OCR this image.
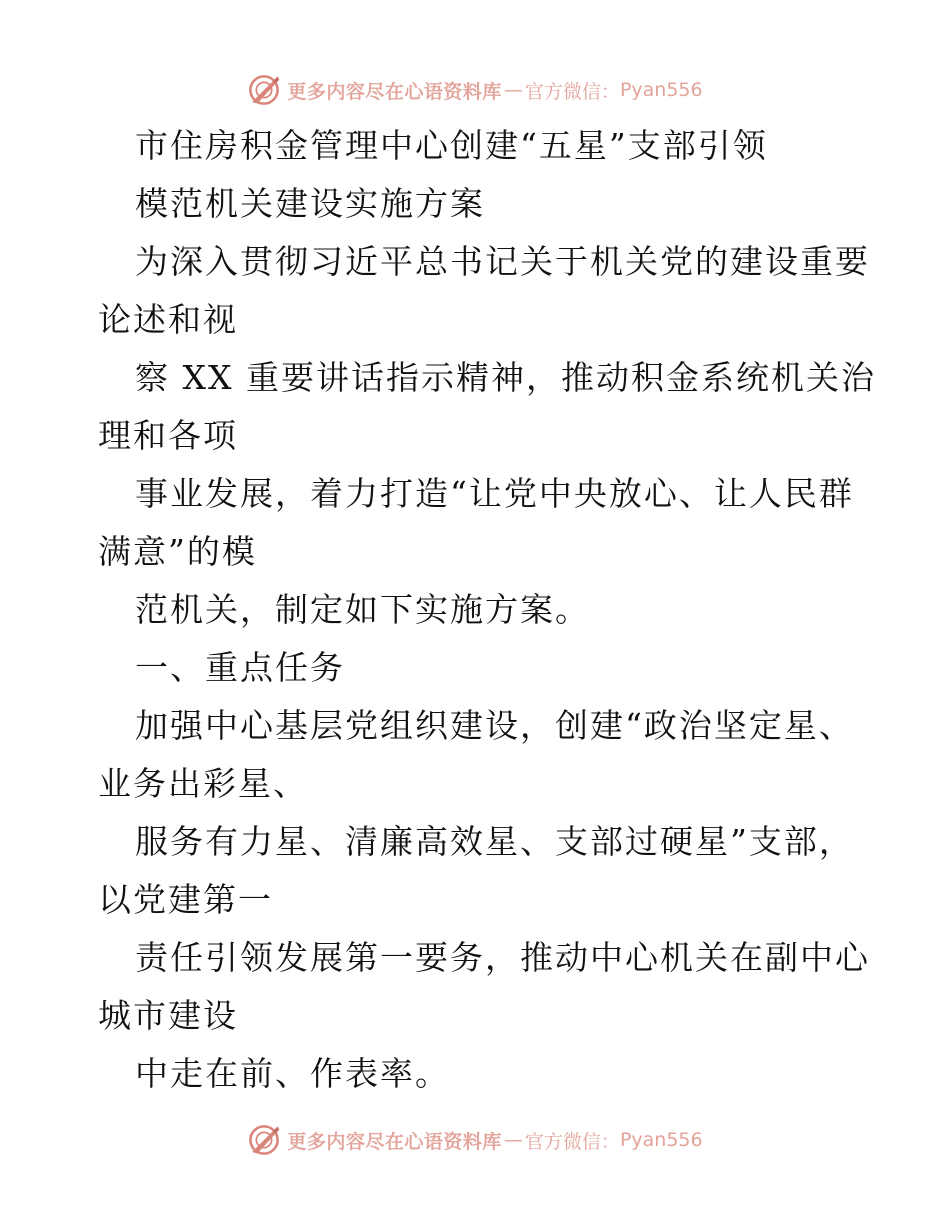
更多内容尽在心语资料库 — 官方微信： Pyan556
市住房积金管理中心创建“五星”支部引领
模范机关建设实施方案
为深入贯彻习近平总书记关于机关党的建设重要
论述和视
察 XX 重要讲话指示精神，推动积金系统机关治
理和各项
事业发展，着力打造“让党中央放心、让人民群
满意”的模
范机关，制定如下实施方案。
一、重点任务
加强中心基层党组织建设，创建“政治坚定星、
业务出彩星、
服务有力星、清廉高效星、支部过硬星”支部，
以党建第一
责任引领发展第一要务，推动中心机关在副中心
城市建设
中走在前、作表率。
更多内容尽在心语资料库 — 官方微信： Pyan556
